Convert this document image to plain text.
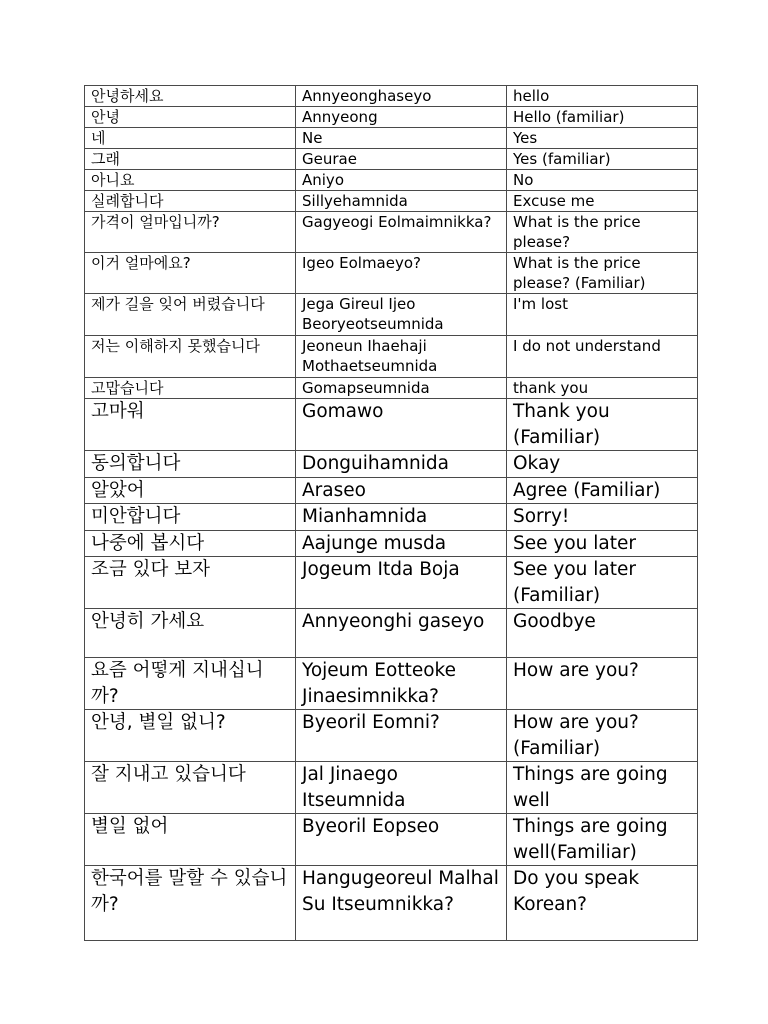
안녕하세요	Annyeonghaseyo	hello
안녕	Annyeong	Hello (familiar)
네	Ne	Yes
그래	Geurae	Yes (familiar)
아니요	Aniyo	No
실례합니다	Sillyehamnida	Excuse me
가격이 얼마입니까?	Gagyeogi Eolmaimnikka?	What is the price please?
이거 얼마에요?	Igeo Eolmaeyo?	What is the price please? (Familiar)
제가 길을 잊어 버렸습니다	Jega Gireul Ijeo Beoryeotseumnida	I'm lost
저는 이해하지 못했습니다	Jeoneun Ihaehaji Mothaetseumnida	I do not understand
고맙습니다	Gomapseumnida	thank you
고마워	Gomawo	Thank you (Familiar)
동의합니다	Donguihamnida	Okay
알았어	Araseo	Agree (Familiar)
미안합니다	Mianhamnida	Sorry!
나중에 봅시다	Aajunge musda	See you later
조금 있다 보자	Jogeum Itda Boja	See you later (Familiar)
안녕히 가세요	Annyeonghi gaseyo	Goodbye
요즘 어떻게 지내십니까?	Yojeum Eotteoke Jinaesimnikka?	How are you?
안녕, 별일 없니?	Byeoril Eomni?	How are you? (Familiar)
잘 지내고 있습니다	Jal Jinaego Itseumnida	Things are going well
별일 없어	Byeoril Eopseo	Things are going well(Familiar)
한국어를 말할 수 있습니까?	Hangugeoreul Malhal Su Itseumnikka?	Do you speak Korean?
